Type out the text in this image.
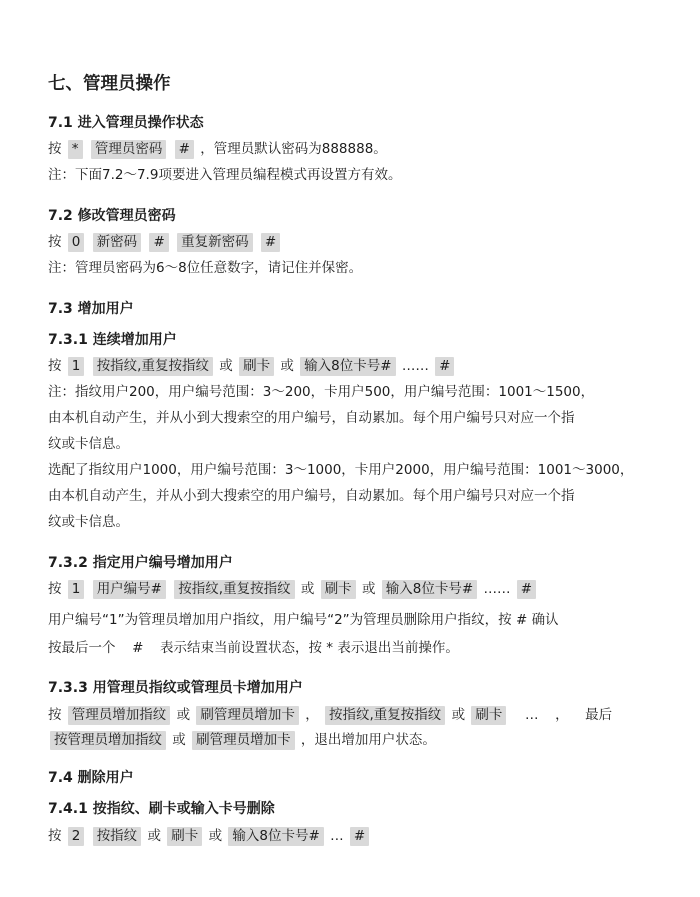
七、管理员操作
7.1 进入管理员操作状态
按 * 管理员密码 # ，管理员默认密码为888888。
注：下面7.2～7.9项要进入管理员编程模式再设置方有效。
7.2 修改管理员密码
按 0 新密码 # 重复新密码 #
注：管理员密码为6～8位任意数字，请记住并保密。
7.3 增加用户
7.3.1 连续增加用户
按 1 按指纹,重复按指纹 或 刷卡 或 输入8位卡号# …… #
注：指纹用户200，用户编号范围：3～200，卡用户500，用户编号范围：1001～1500，
由本机自动产生，并从小到大搜索空的用户编号，自动累加。每个用户编号只对应一个指
纹或卡信息。
选配了指纹用户1000，用户编号范围：3～1000，卡用户2000，用户编号范围：1001～3000，
由本机自动产生，并从小到大搜索空的用户编号，自动累加。每个用户编号只对应一个指
纹或卡信息。
7.3.2 指定用户编号增加用户
按 1 用户编号# 按指纹,重复按指纹 或 刷卡 或 输入8位卡号# …… #
用户编号“1”为管理员增加用户指纹，用户编号“2”为管理员删除用户指纹，按 # 确认
按最后一个 # 表示结束当前设置状态，按 * 表示退出当前操作。
7.3.3 用管理员指纹或管理员卡增加用户
按 管理员增加指纹 或 刷管理员增加卡 ， 按指纹,重复按指纹 或 刷卡 … ， 最后
按管理员增加指纹 或 刷管理员增加卡 ，退出增加用户状态。
7.4 删除用户
7.4.1 按指纹、刷卡或输入卡号删除
按 2 按指纹 或 刷卡 或 输入8位卡号# … #
